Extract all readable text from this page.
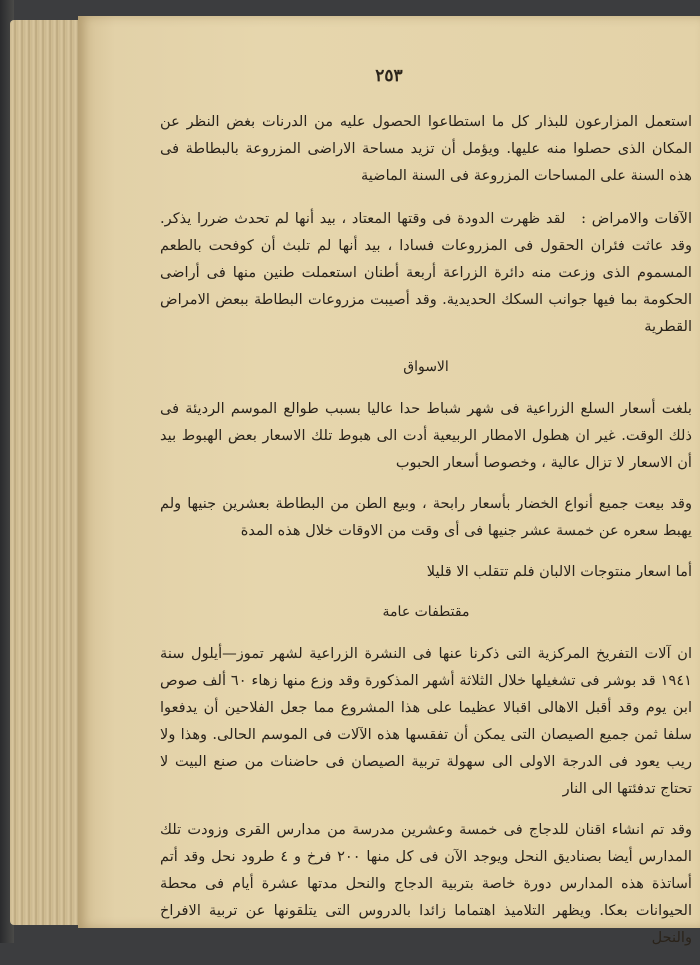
٢٥٣

استعمل المزارعون للبذار كل ما استطاعوا الحصول عليه من الدرنات بغض النظر عن المكان الذى حصلوا منه عليها. ويؤمل أن تزيد مساحة الاراضى المزروعة بالبطاطة فى هذه السنة على المساحات المزروعة فى السنة الماضية

الآفات والامراض : لقد ظهرت الدودة فى وقتها المعتاد ، بيد أنها لم تحدث ضررا يذكر. وقد عاثت فئران الحقول فى المزروعات فسادا ، بيد أنها لم تلبث أن كوفحت بالطعم المسموم الذى وزعت منه دائرة الزراعة أربعة أطنان استعملت طنين منها فى أراضى الحكومة بما فيها جوانب السكك الحديدية. وقد أصيبت مزروعات البطاطة ببعض الامراض القطرية

الاسواق

بلغت أسعار السلع الزراعية فى شهر شباط حدا عاليا بسبب طوالع الموسم الرديئة فى ذلك الوقت. غير ان هطول الامطار الربيعية أدت الى هبوط تلك الاسعار بعض الهبوط بيد أن الاسعار لا تزال عالية ، وخصوصا أسعار الحبوب

وقد بيعت جميع أنواع الخضار بأسعار رابحة ، وبيع الطن من البطاطة بعشرين جنيها ولم يهبط سعره عن خمسة عشر جنيها فى أى وقت من الاوقات خلال هذه المدة

أما اسعار منتوجات الالبان فلم تتقلب الا قليلا

مقتطفات عامة

ان آلات التفريخ المركزية التى ذكرنا عنها فى النشرة الزراعية لشهر تموز—أيلول سنة ١٩٤١ قد بوشر فى تشغيلها خلال الثلاثة أشهر المذكورة وقد وزع منها زهاء ٦٠ ألف صوص ابن يوم وقد أقبل الاهالى اقبالا عظيما على هذا المشروع مما جعل الفلاحين أن يدفعوا سلفا ثمن جميع الصيصان التى يمكن أن تفقسها هذه الآلات فى الموسم الحالى. وهذا ولا ريب يعود فى الدرجة الاولى الى سهولة تربية الصيصان فى حاضنات من صنع البيت لا تحتاج تدفئتها الى النار

وقد تم انشاء اقنان للدجاج فى خمسة وعشرين مدرسة من مدارس القرى وزودت تلك المدارس أيضا بصناديق النحل ويوجد الآن فى كل منها ٢٠٠ فرخ و ٤ طرود نحل وقد أتم أساتذة هذه المدارس دورة خاصة بتربية الدجاج والنحل مدتها عشرة أيام فى محطة الحيوانات بعكا. ويظهر التلاميذ اهتماما زائدا بالدروس التى يتلقونها عن تربية الافراخ والنحل
